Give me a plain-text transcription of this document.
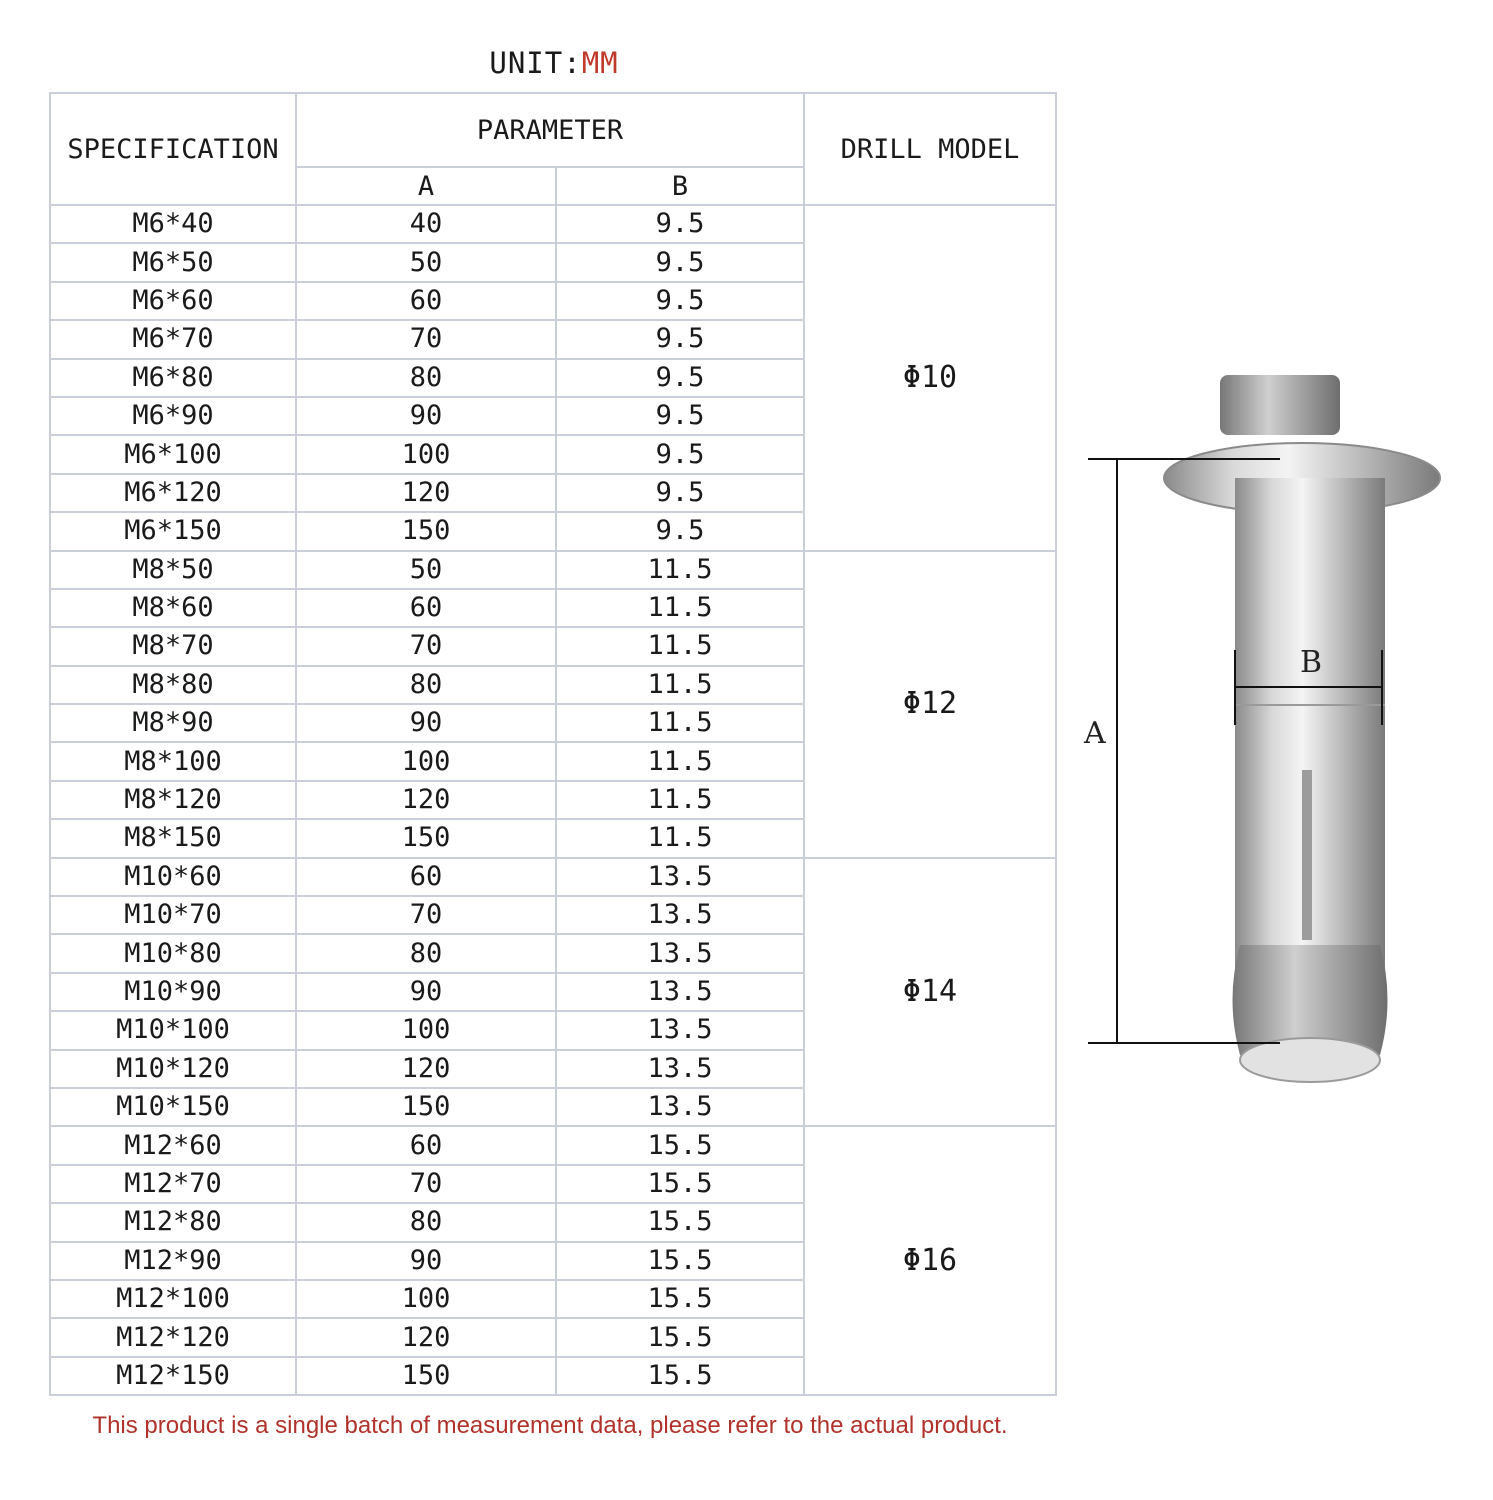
UNIT:MM
SPECIFICATION	PARAMETER		DRILL MODEL
	A	B	
M6*40	40	9.5	Φ10
M6*50	50	9.5	
M6*60	60	9.5	
M6*70	70	9.5	
M6*80	80	9.5	
M6*90	90	9.5	
M6*100	100	9.5	
M6*120	120	9.5	
M6*150	150	9.5	
M8*50	50	11.5	Φ12
M8*60	60	11.5	
M8*70	70	11.5	
M8*80	80	11.5	
M8*90	90	11.5	
M8*100	100	11.5	
M8*120	120	11.5	
M8*150	150	11.5	
M10*60	60	13.5	Φ14
M10*70	70	13.5	
M10*80	80	13.5	
M10*90	90	13.5	
M10*100	100	13.5	
M10*120	120	13.5	
M10*150	150	13.5	
M12*60	60	15.5	Φ16
M12*70	70	15.5	
M12*80	80	15.5	
M12*90	90	15.5	
M12*100	100	15.5	
M12*120	120	15.5	
M12*150	150	15.5	
This product is a single batch of measurement data, please refer to the actual product.
A
B
